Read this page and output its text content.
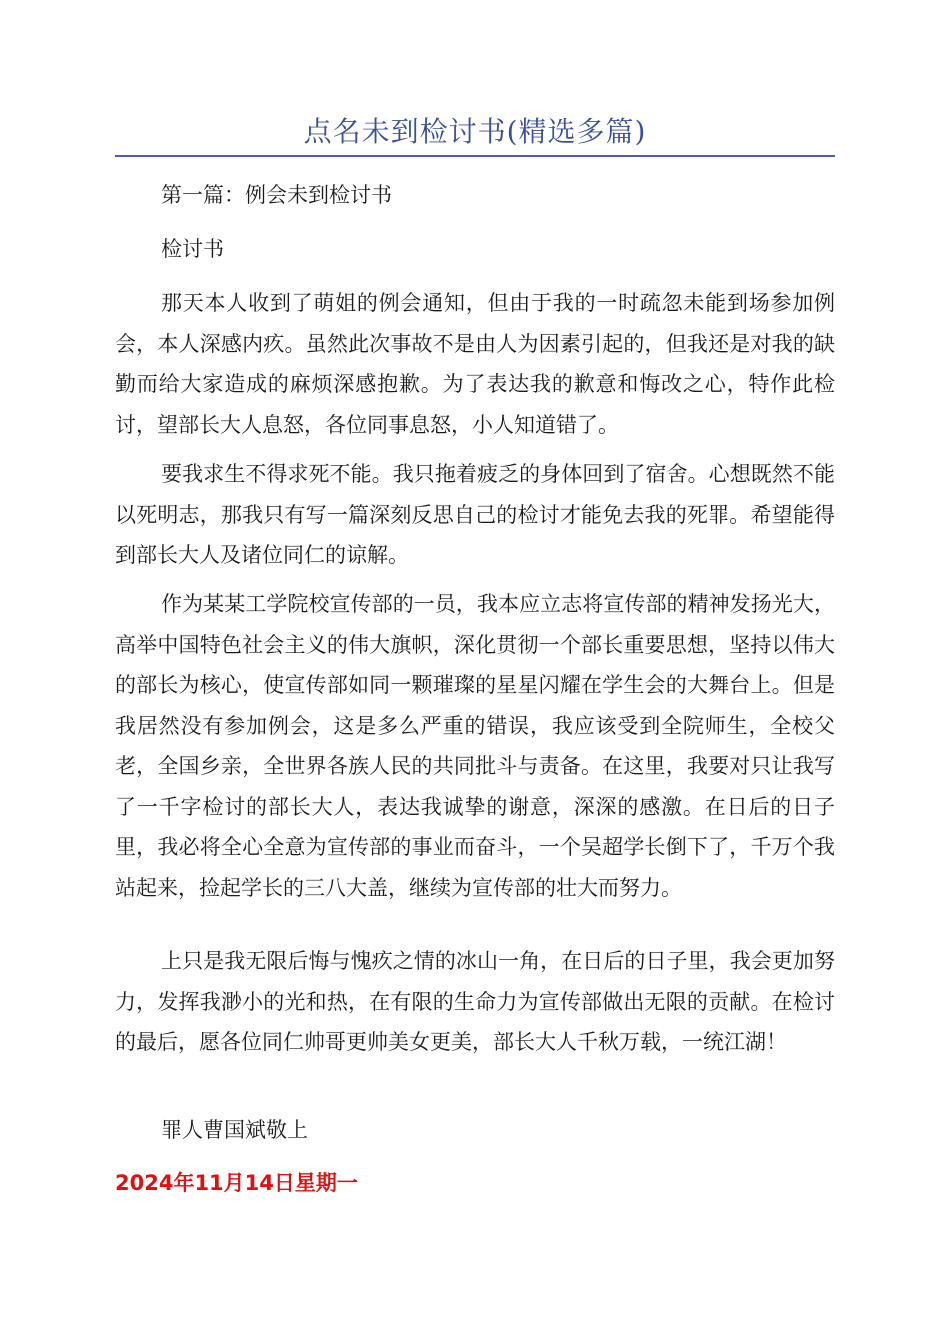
点名未到检讨书(精选多篇)
第一篇：例会未到检讨书
检讨书
那天本人收到了萌姐的例会通知，但由于我的一时疏忽未能到场参加例会，本人深感内疚。虽然此次事故不是由人为因素引起的，但我还是对我的缺勤而给大家造成的麻烦深感抱歉。为了表达我的歉意和悔改之心，特作此检讨，望部长大人息怒，各位同事息怒，小人知道错了。
要我求生不得求死不能。我只拖着疲乏的身体回到了宿舍。心想既然不能以死明志，那我只有写一篇深刻反思自己的检讨才能免去我的死罪。希望能得到部长大人及诸位同仁的谅解。
作为某某工学院校宣传部的一员，我本应立志将宣传部的精神发扬光大，高举中国特色社会主义的伟大旗帜，深化贯彻一个部长重要思想，坚持以伟大的部长为核心，使宣传部如同一颗璀璨的星星闪耀在学生会的大舞台上。但是我居然没有参加例会，这是多么严重的错误，我应该受到全院师生，全校父老，全国乡亲，全世界各族人民的共同批斗与责备。在这里，我要对只让我写了一千字检讨的部长大人，表达我诚挚的谢意，深深的感激。在日后的日子里，我必将全心全意为宣传部的事业而奋斗，一个吴超学长倒下了，千万个我站起来，捡起学长的三八大盖，继续为宣传部的壮大而努力。
上只是我无限后悔与愧疚之情的冰山一角，在日后的日子里，我会更加努力，发挥我渺小的光和热，在有限的生命力为宣传部做出无限的贡献。在检讨的最后，愿各位同仁帅哥更帅美女更美，部长大人千秋万载，一统江湖！
罪人曹国斌敬上
2024年11月14日星期一
